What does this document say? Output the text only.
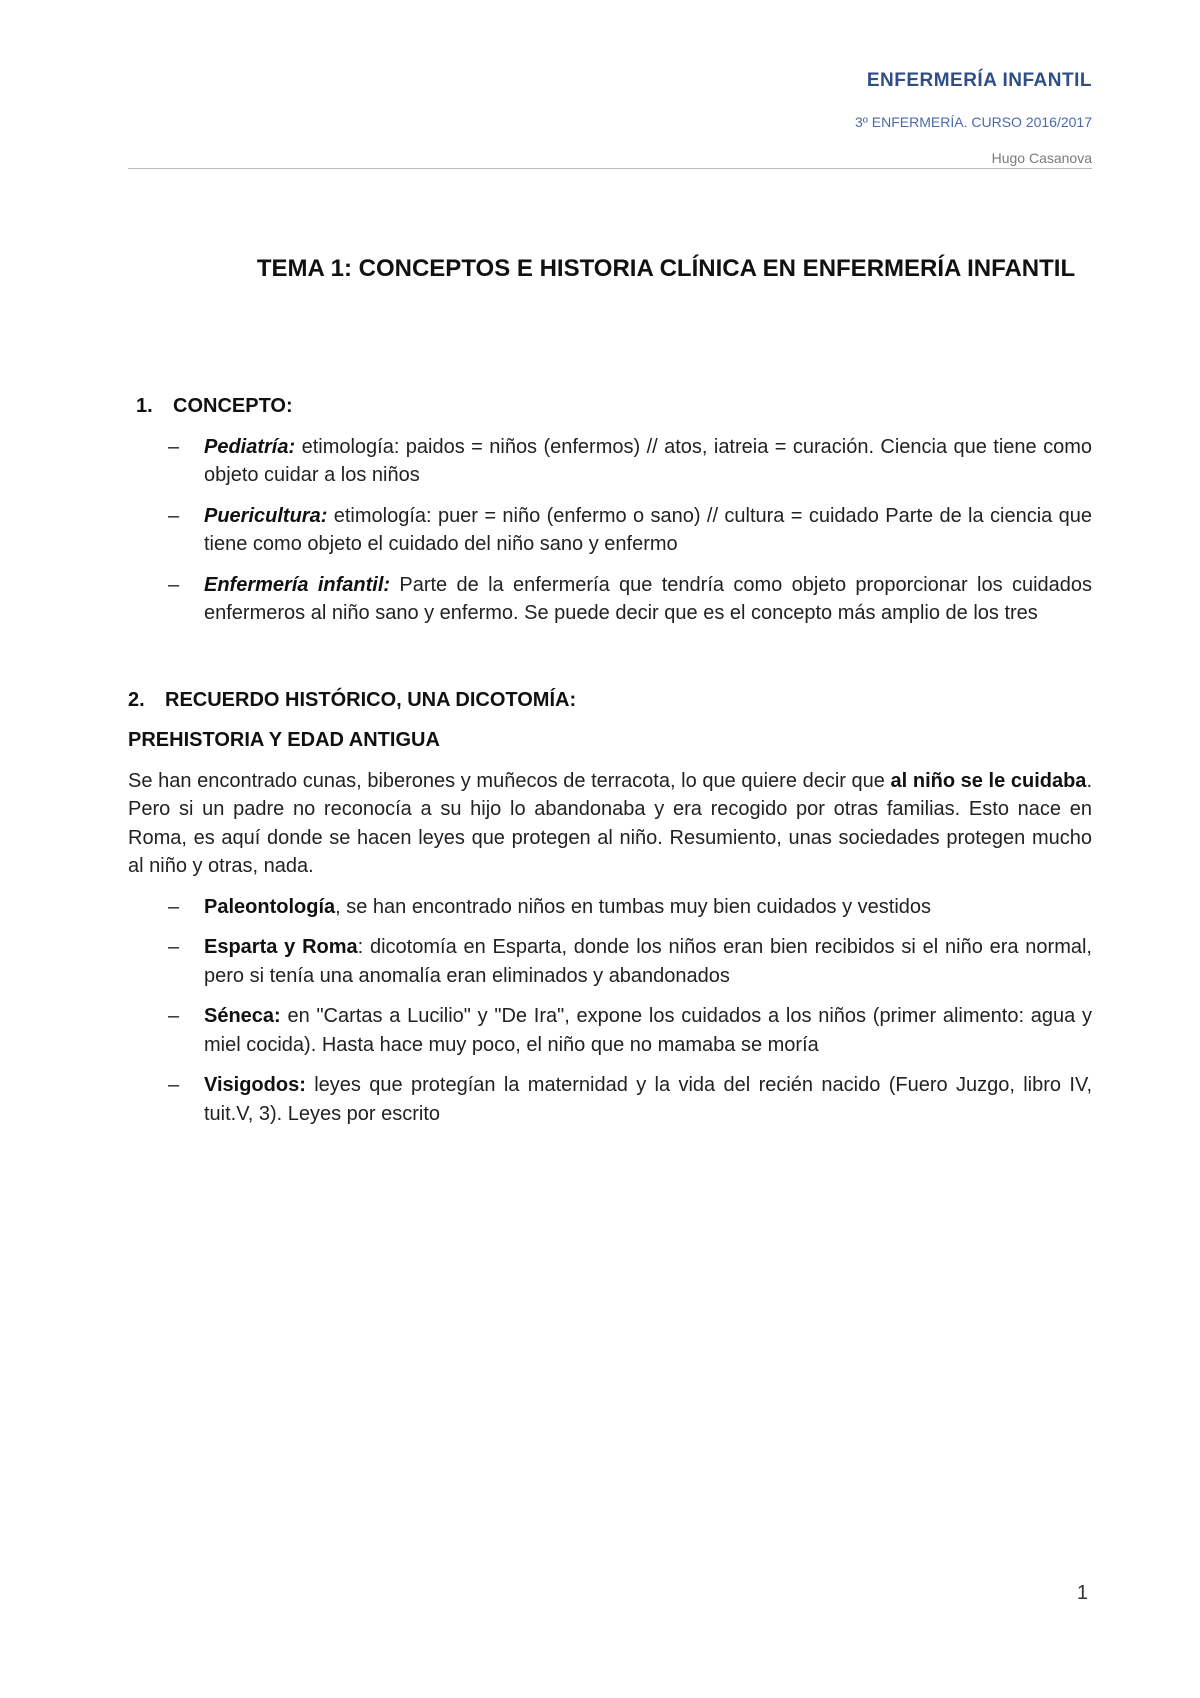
ENFERMERÍA INFANTIL
3º ENFERMERÍA. CURSO 2016/2017
Hugo Casanova
TEMA 1: CONCEPTOS E HISTORIA CLÍNICA EN ENFERMERÍA INFANTIL
1. CONCEPTO:
– Pediatría: etimología: paidos = niños (enfermos) // atos, iatreia = curación. Ciencia que tiene como objeto cuidar a los niños
– Puericultura: etimología: puer = niño (enfermo o sano) // cultura = cuidado Parte de la ciencia que tiene como objeto el cuidado del niño sano y enfermo
– Enfermería infantil: Parte de la enfermería que tendría como objeto proporcionar los cuidados enfermeros al niño sano y enfermo. Se puede decir que es el concepto más amplio de los tres
2. RECUERDO HISTÓRICO, UNA DICOTOMÍA:
PREHISTORIA Y EDAD ANTIGUA
Se han encontrado cunas, biberones y muñecos de terracota, lo que quiere decir que al niño se le cuidaba. Pero si un padre no reconocía a su hijo lo abandonaba y era recogido por otras familias. Esto nace en Roma, es aquí donde se hacen leyes que protegen al niño. Resumiento, unas sociedades protegen mucho al niño y otras, nada.
– Paleontología, se han encontrado niños en tumbas muy bien cuidados y vestidos
– Esparta y Roma: dicotomía en Esparta, donde los niños eran bien recibidos si el niño era normal, pero si tenía una anomalía eran eliminados y abandonados
– Séneca: en "Cartas a Lucilio" y "De Ira", expone los cuidados a los niños (primer alimento: agua y miel cocida). Hasta hace muy poco, el niño que no mamaba se moría
– Visigodos: leyes que protegían la maternidad y la vida del recién nacido (Fuero Juzgo, libro IV, tuit.V, 3). Leyes por escrito
1
